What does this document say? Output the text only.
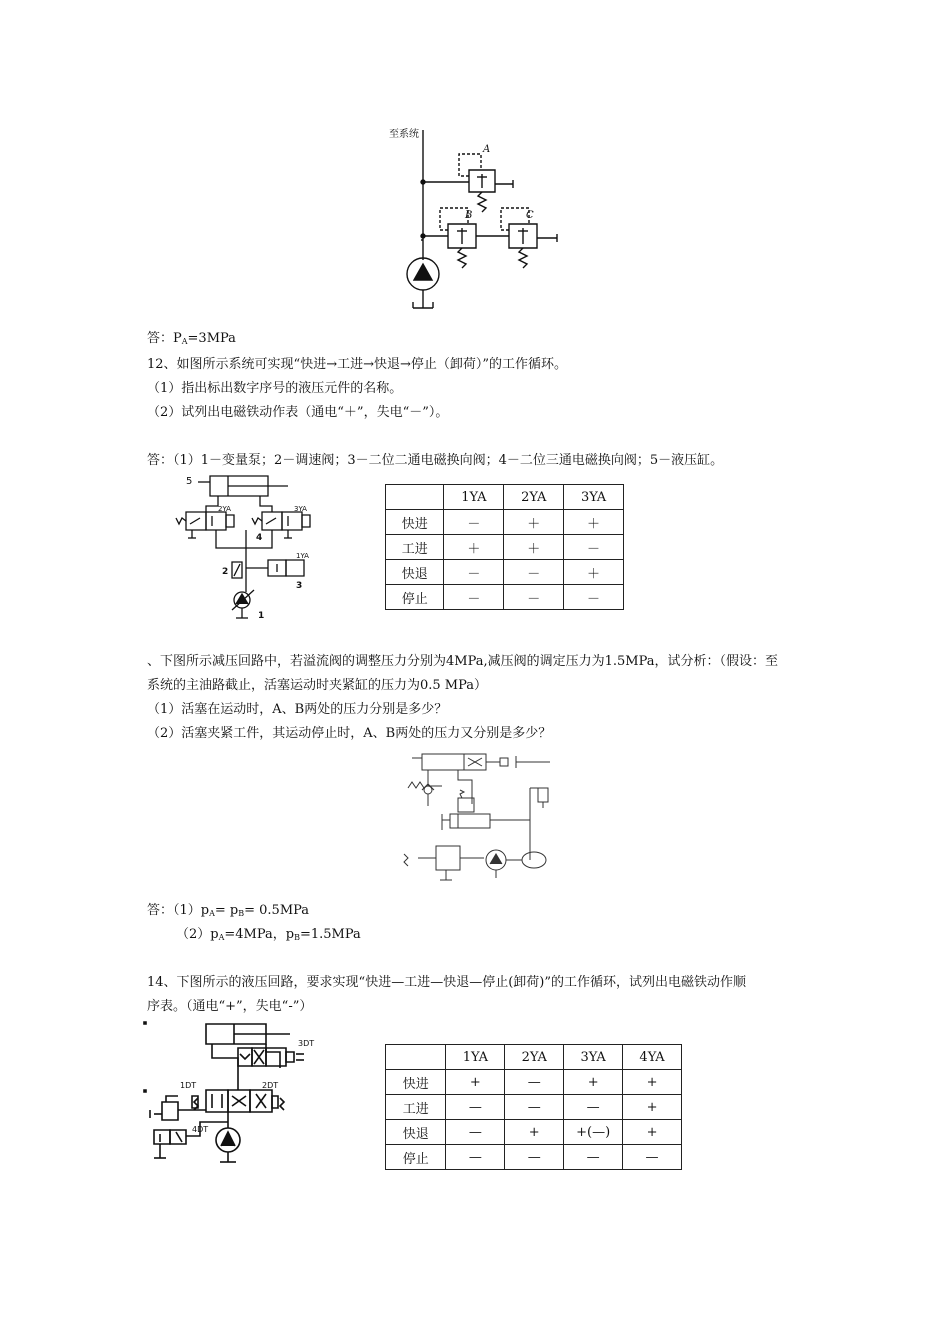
至系统
A
B	C
答：$P_A=3MPa$
12、如图所示系统可实现“快进→工进→快退→停止（卸荷）”的工作循环。
（1）指出标出数字序号的液压元件的名称。
（2）试列出电磁铁动作表（通电“＋”，失电“－”）。
答：（1）1－变量泵；2－调速阀；3－二位二通电磁换向阀；4－二位三通电磁换向阀；5－液压缸。
5
2YA	3YA
4
2
1YA
3
1
	1YA	2YA	3YA
快进	－	＋	＋
工进	＋	＋	－
快退	－	－	＋
停止	－	－	－
、下图所示减压回路中，若溢流阀的调整压力分别为4MPa,减压阀的调定压力为1.5MPa，试分析：（假设：至
系统的主油路截止，活塞运动时夹紧缸的压力为0.5 MPa）
（1）活塞在运动时，A、B两处的压力分别是多少？
（2）活塞夹紧工件，其运动停止时，A、B两处的压力又分别是多少？
答：$(1)p_A= p_B= 0.5MPa$
$(2)p_A=4MPa$，$p_B=1.5MPa$
14、下图所示的液压回路，要求实现“快进—工进—快退—停止(卸荷)”的工作循环，试列出电磁铁动作顺
序表。（通电“+”，失电“-”）
3DT
1DT	2DT
4DT
	1YA	2YA	3YA	4YA
快进	+	—	+	+
工进	—	—	—	+
快退	—	+	+(—)	+
停止	—	—	—	—
